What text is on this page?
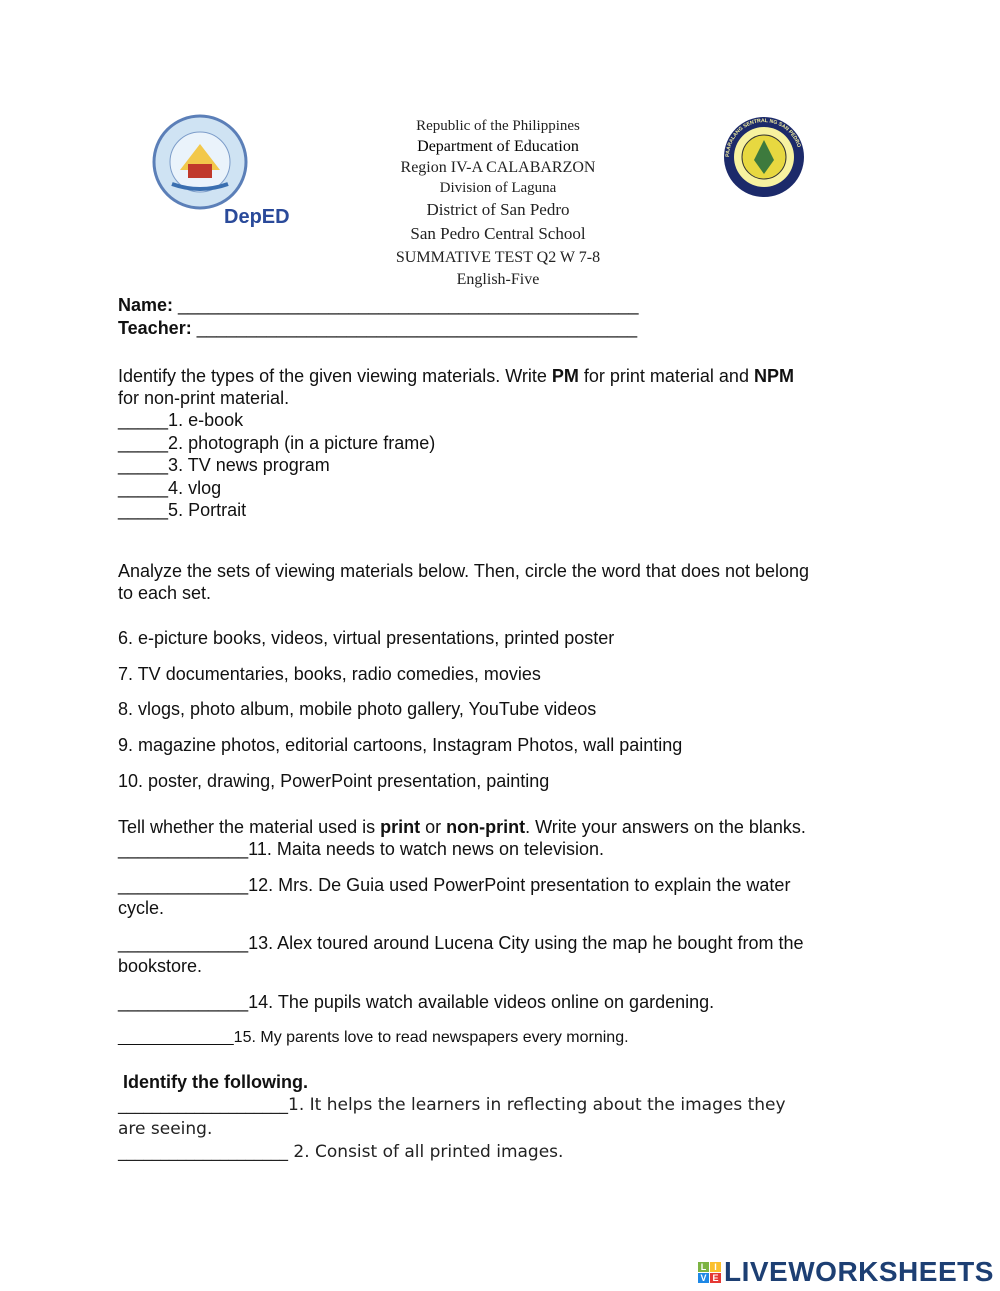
DepED
PAARALANG SENTRAL NG SAN PEDRO
Republic of the Philippines
Department of Education
Region IV-A CALABARZON
Division of Laguna
District of San Pedro
San Pedro Central School
SUMMATIVE TEST Q2 W 7-8
English-Five
Name: ______________________________________________
Teacher: ____________________________________________
Identify the types of the given viewing materials. Write PM for print material and NPM
for non-print material.
_____1. e-book
_____2. photograph (in a picture frame)
_____3. TV news program
_____4. vlog
_____5. Portrait
Analyze the sets of viewing materials below. Then, circle the word that does not belong
to each set.
6. e-picture books, videos, virtual presentations, printed poster
7. TV documentaries, books, radio comedies, movies
8. vlogs, photo album, mobile photo gallery, YouTube videos
9. magazine photos, editorial cartoons, Instagram Photos, wall painting
10. poster, drawing, PowerPoint presentation, painting
Tell whether the material used is print or non-print. Write your answers on the blanks.
_____________11. Maita needs to watch news on television.
_____________12. Mrs. De Guia used PowerPoint presentation to explain the water
cycle.
_____________13. Alex toured around Lucena City using the map he bought from the
bookstore.
_____________14. The pupils watch available videos online on gardening.
_____________15. My parents love to read newspapers every morning.
Identify the following.
____________________1. It helps the learners in reflecting about the images they
are seeing.
____________________ 2. Consist of all printed images.
L I
V E LIVEWORKSHEETS
